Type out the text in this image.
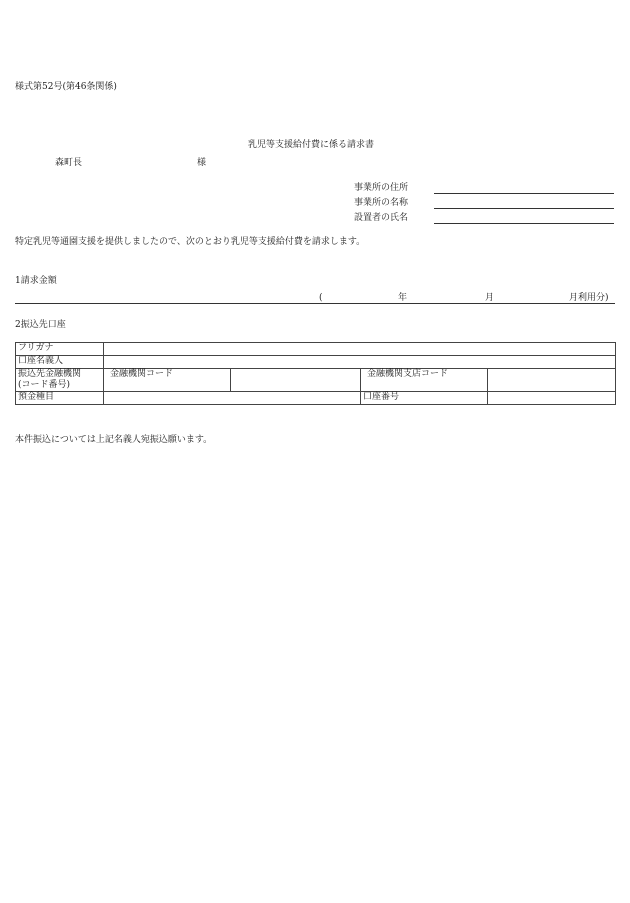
様式第52号(第46条関係)
乳児等支援給付費に係る請求書
森町長	様
事業所の住所
事業所の名称
設置者の氏名
特定乳児等通園支援を提供しましたので、次のとおり乳児等支援給付費を請求します。
1請求金額
(	年	月	月利用分)
2振込先口座
フリガナ				
口座名義人				

振込先金融機関
(コード番号)	金融機関コード		金融機関支店コード	
預金種目			口座番号	
本件振込については上記名義人宛振込願います。
